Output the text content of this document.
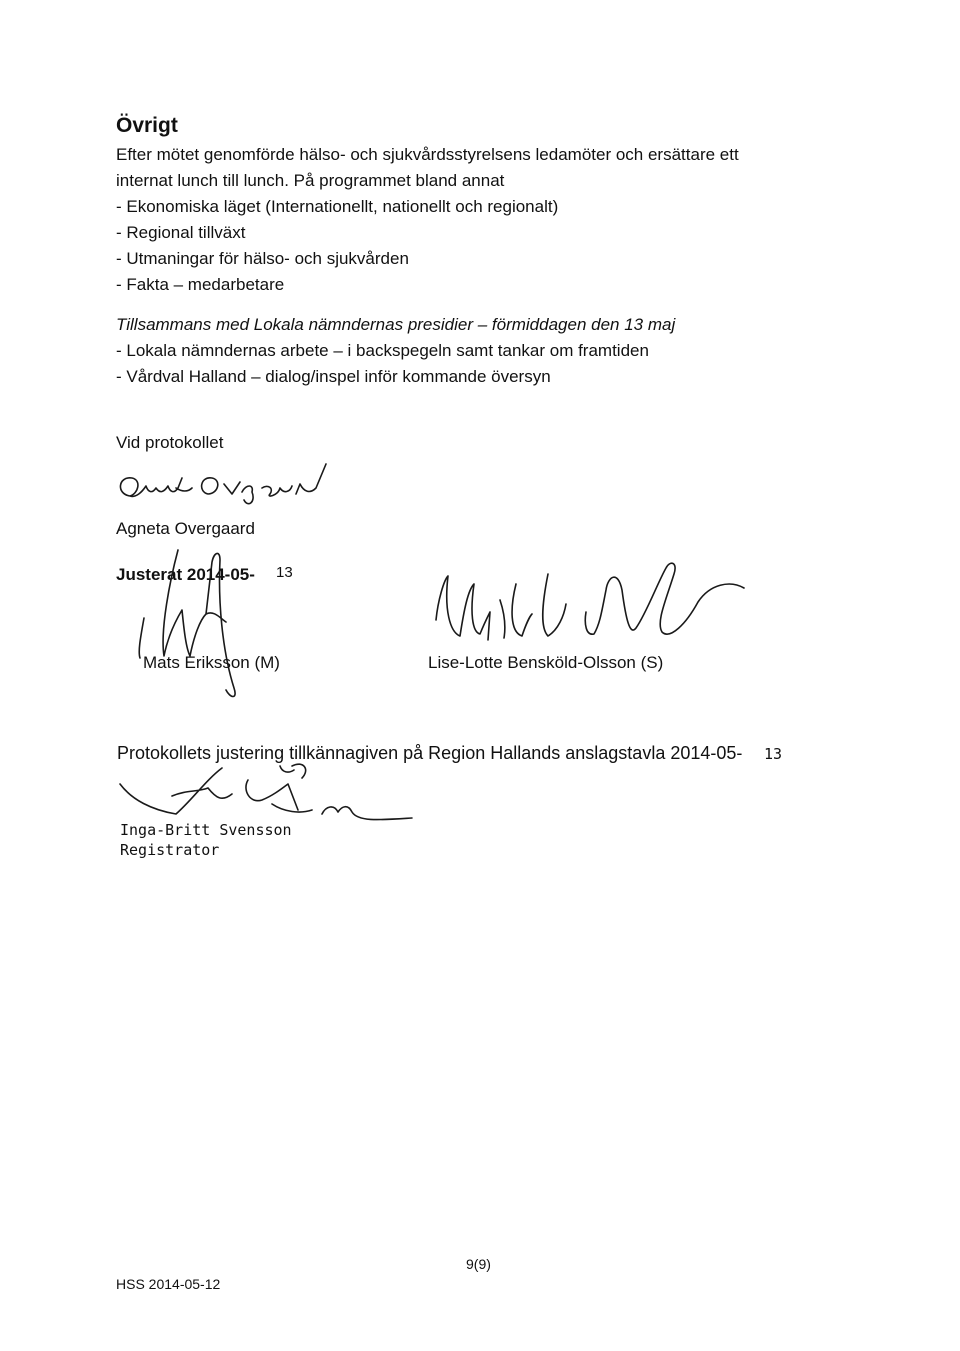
Övrigt
Efter mötet genomförde hälso- och sjukvårdsstyrelsens ledamöter och ersättare ett
internat lunch till lunch. På programmet bland annat
- Ekonomiska läget (Internationellt, nationellt och regionalt)
- Regional tillväxt
- Utmaningar för hälso- och sjukvården
- Fakta – medarbetare
Tillsammans med Lokala nämndernas presidier – förmiddagen den 13 maj
- Lokala nämndernas arbete – i backspegeln samt tankar om framtiden
- Vårdval Halland – dialog/inspel inför kommande översyn
Vid protokollet
Agneta Overgaard
Justerat 2014-05- 13
Mats Eriksson (M)	Lise-Lotte Bensköld-Olsson (S)
Protokollets justering tillkännagiven på Region Hallands anslagstavla 2014-05- 13
Inga-Britt Svensson
Registrator
9(9)
HSS 2014-05-12
